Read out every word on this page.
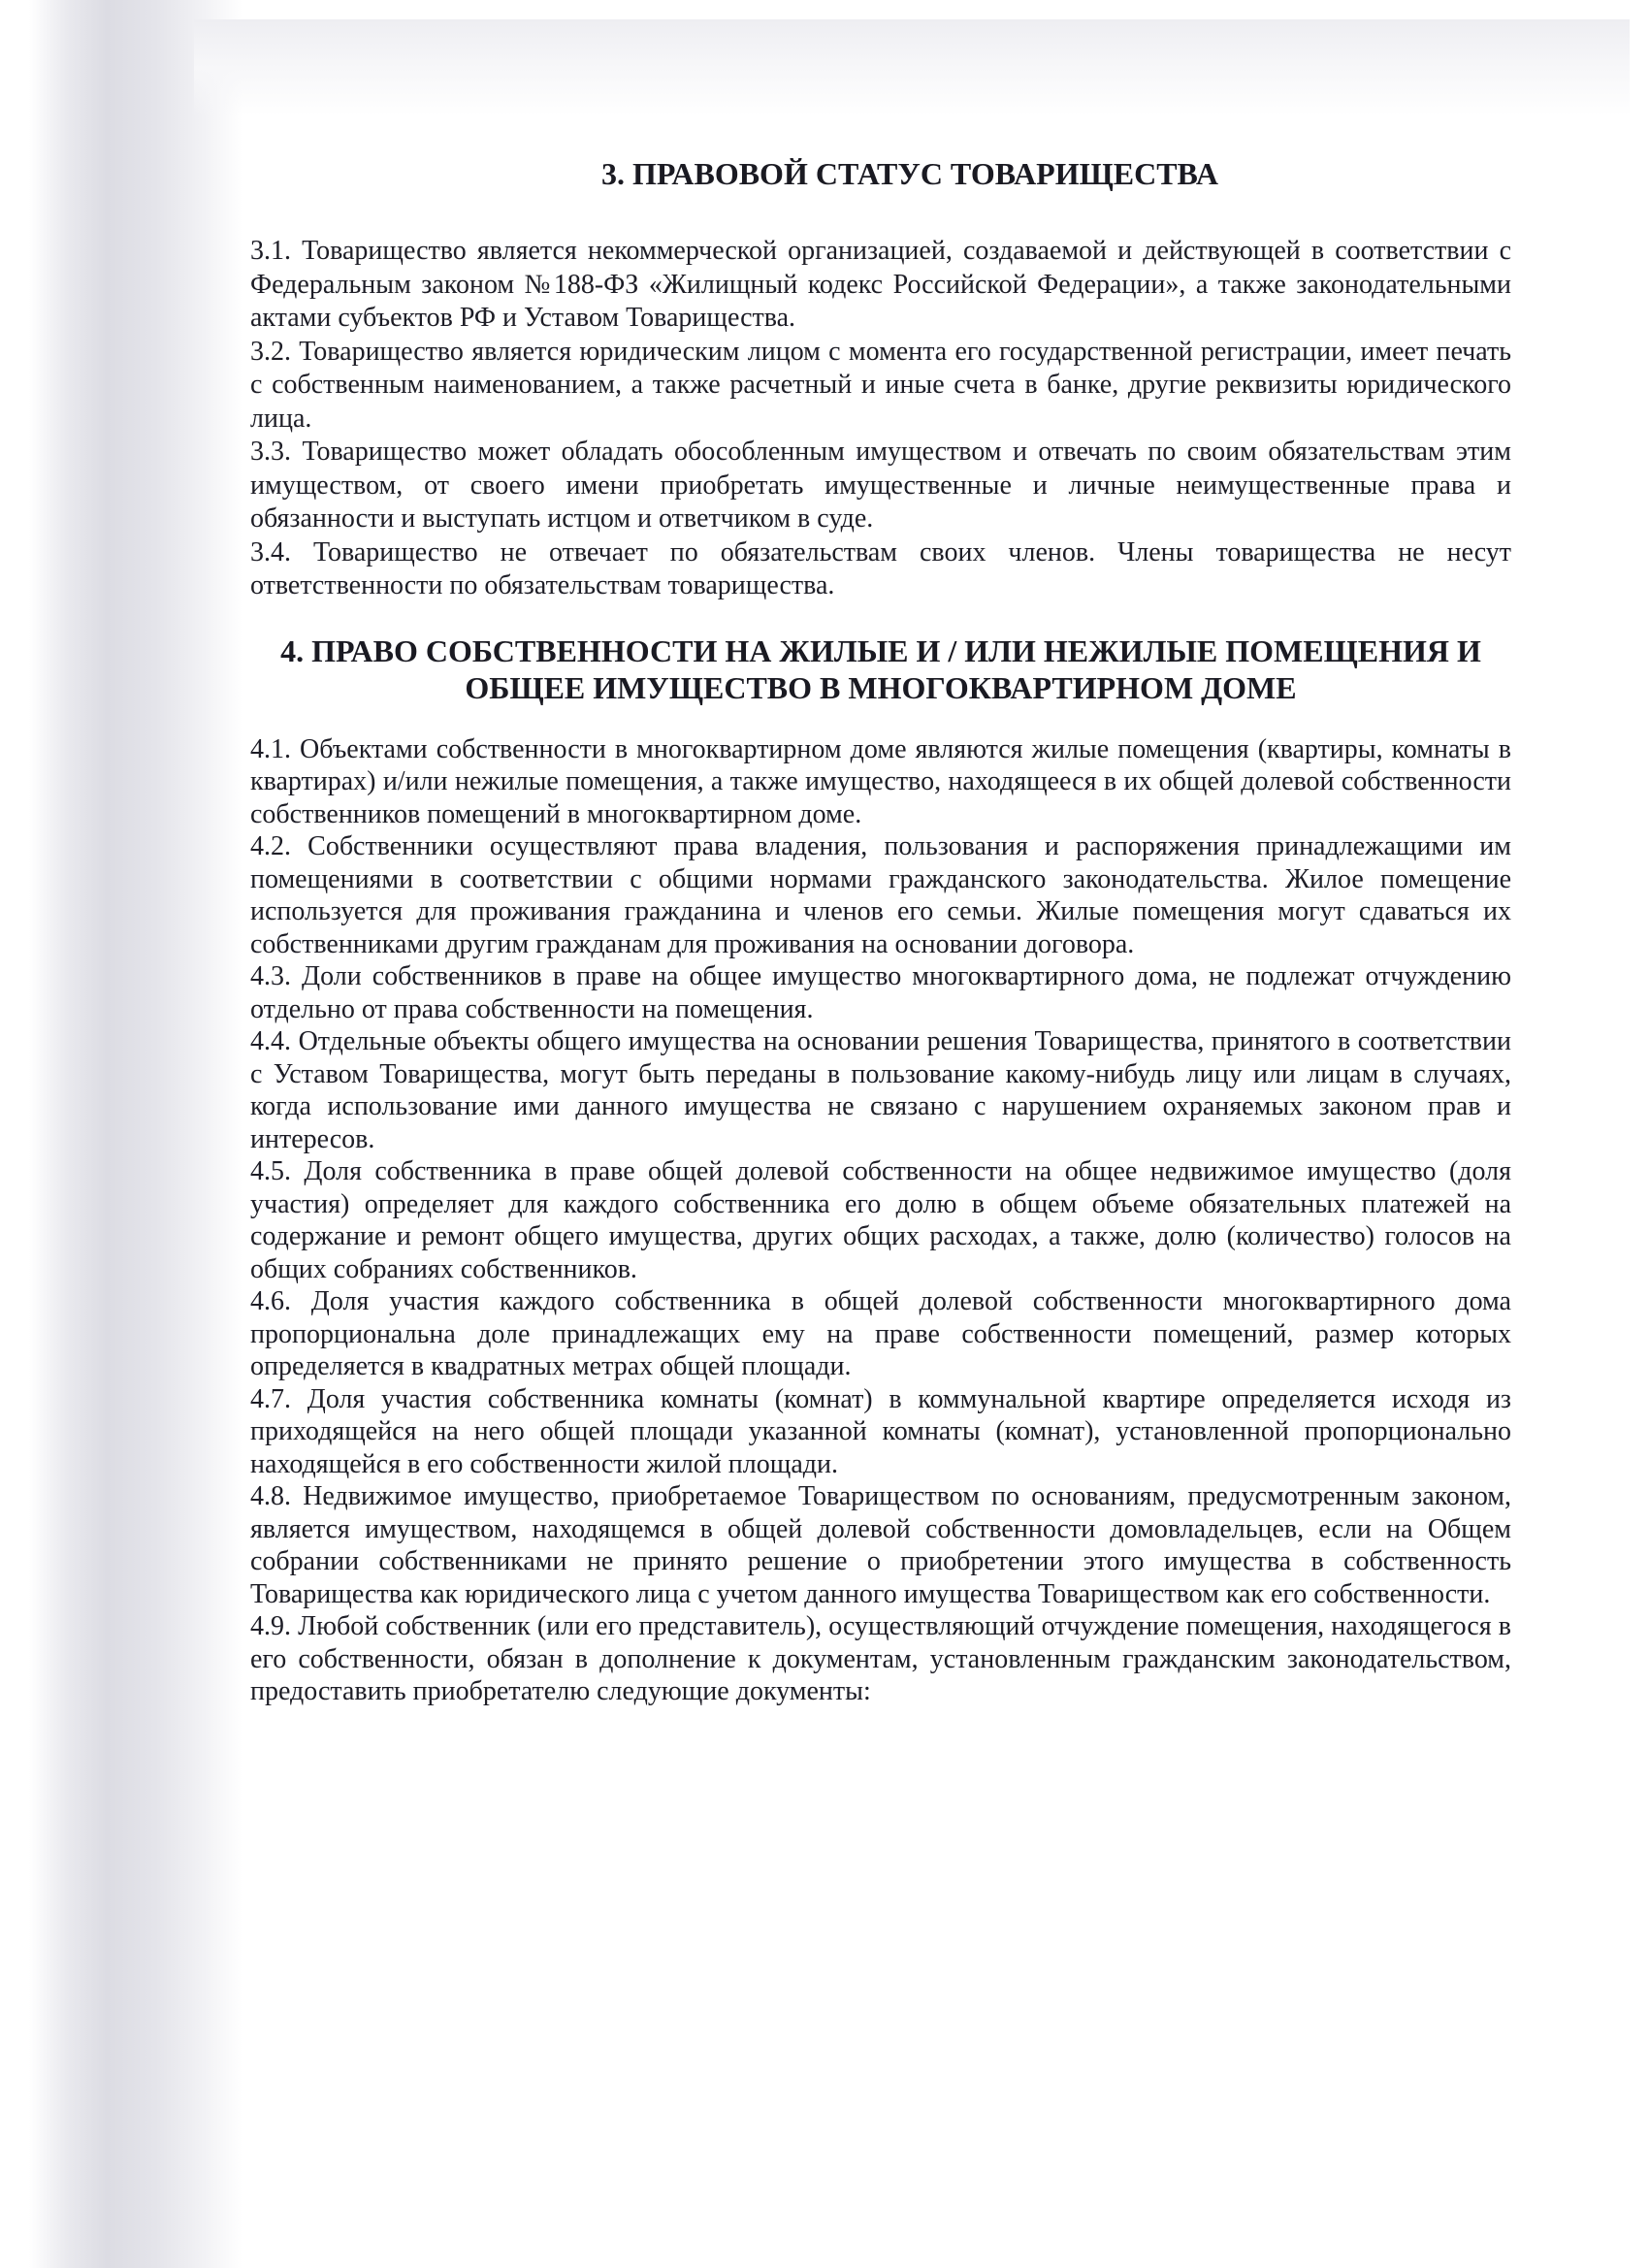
3. ПРАВОВОЙ СТАТУС ТОВАРИЩЕСТВА

3.1. Товарищество является некоммерческой организацией, создаваемой и действующей в соответствии с Федеральным законом №188-ФЗ «Жилищный кодекс Российской Федерации», а также законодательными актами субъектов РФ и Уставом Товарищества.

3.2. Товарищество является юридическим лицом с момента его государственной регистрации, имеет печать с собственным наименованием, а также расчетный и иные счета в банке, другие реквизиты юридического лица.

3.3. Товарищество может обладать обособленным имуществом и отвечать по своим обязательствам этим имуществом, от своего имени приобретать имущественные и личные неимущественные права и обязанности и выступать истцом и ответчиком в суде.

3.4. Товарищество не отвечает по обязательствам своих членов. Члены товарищества не несут ответственности по обязательствам товарищества.

4. ПРАВО СОБСТВЕННОСТИ НА ЖИЛЫЕ И / ИЛИ НЕЖИЛЫЕ ПОМЕЩЕНИЯ И
ОБЩЕЕ ИМУЩЕСТВО В МНОГОКВАРТИРНОМ ДОМЕ

4.1. Объектами собственности в многоквартирном доме являются жилые помещения (квартиры, комнаты в квартирах) и/или нежилые помещения, а также имущество, находящееся в их общей долевой собственности собственников помещений в многоквартирном доме.

4.2. Собственники осуществляют права владения, пользования и распоряжения принадлежащими им помещениями в соответствии с общими нормами гражданского законодательства. Жилое помещение используется для проживания гражданина и членов его семьи. Жилые помещения могут сдаваться их собственниками другим гражданам для проживания на основании договора.

4.3. Доли собственников в праве на общее имущество многоквартирного дома, не подлежат отчуждению отдельно от права собственности на помещения.

4.4. Отдельные объекты общего имущества на основании решения Товарищества, принятого в соответствии с Уставом Товарищества, могут быть переданы в пользование какому-нибудь лицу или лицам в случаях, когда использование ими данного имущества не связано с нарушением охраняемых законом прав и интересов.

4.5. Доля собственника в праве общей долевой собственности на общее недвижимое имущество (доля участия) определяет для каждого собственника его долю в общем объеме обязательных платежей на содержание и ремонт общего имущества, других общих расходах, а также, долю (количество) голосов на общих собраниях собственников.

4.6. Доля участия каждого собственника в общей долевой собственности многоквартирного дома пропорциональна доле принадлежащих ему на праве собственности помещений, размер которых определяется в квадратных метрах общей площади.

4.7. Доля участия собственника комнаты (комнат) в коммунальной квартире определяется исходя из приходящейся на него общей площади указанной комнаты (комнат), установленной пропорционально находящейся в его собственности жилой площади.

4.8. Недвижимое имущество, приобретаемое Товариществом по основаниям, предусмотренным законом, является имуществом, находящемся в общей долевой собственности домовладельцев, если на Общем собрании собственниками не принято решение о приобретении этого имущества в собственность Товарищества как юридического лица с учетом данного имущества Товариществом как его собственности.

4.9. Любой собственник (или его представитель), осуществляющий отчуждение помещения, находящегося в его собственности, обязан в дополнение к документам, установленным гражданским законодательством, предоставить приобретателю следующие документы:
